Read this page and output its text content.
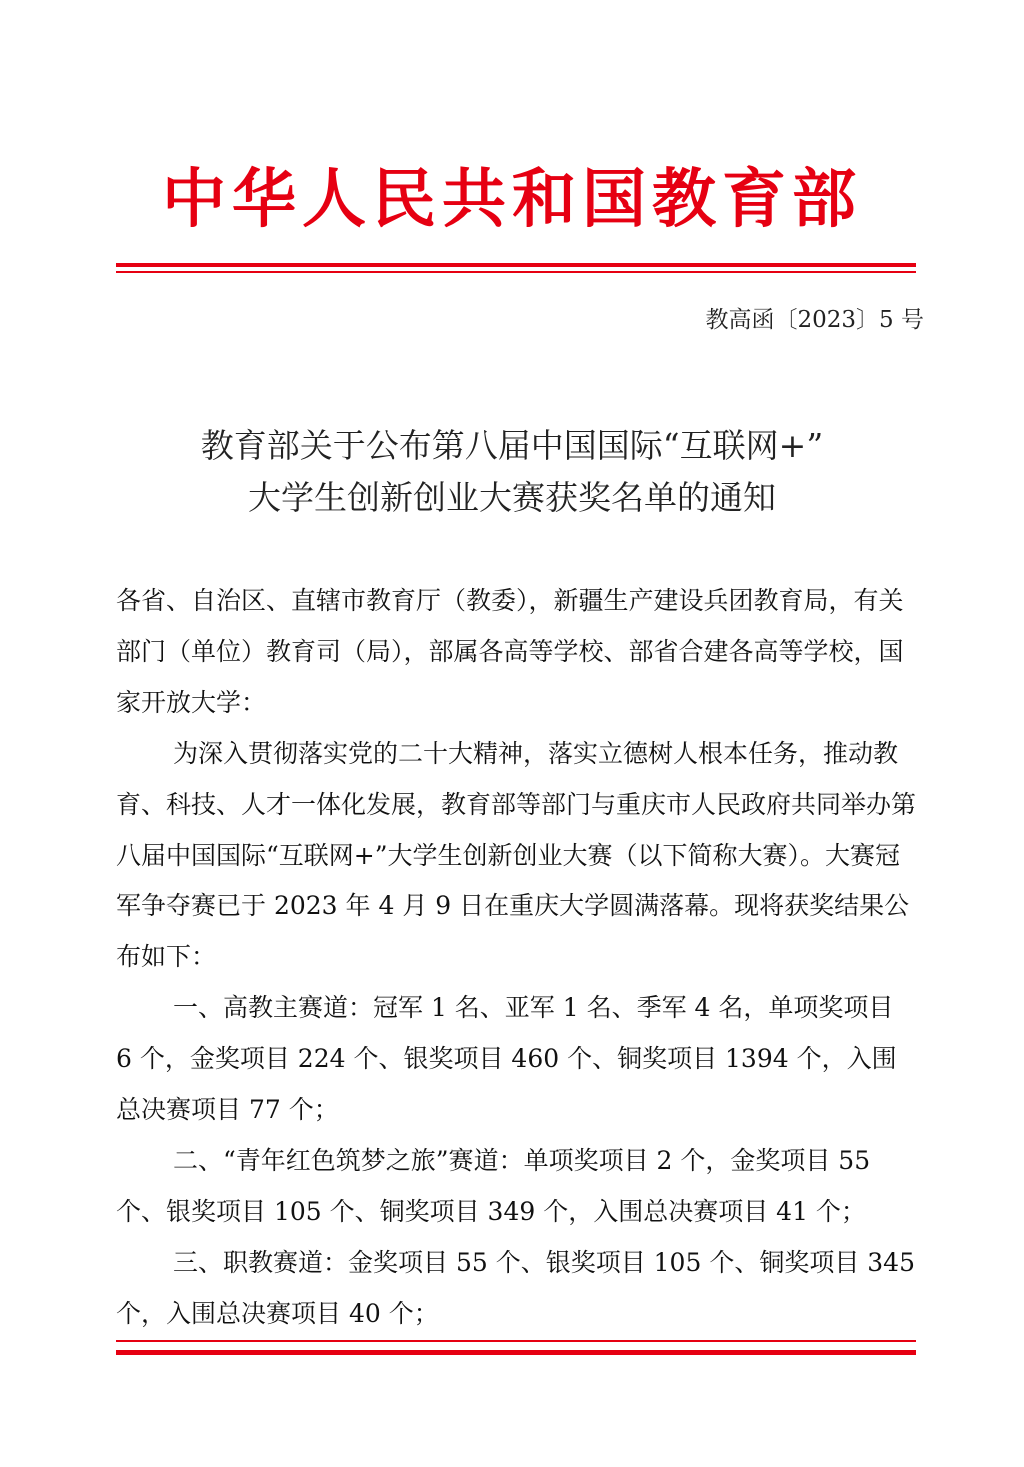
中华人民共和国教育部
教高函〔2023〕5 号
教育部关于公布第八届中国国际“互联网+”
大学生创新创业大赛获奖名单的通知

各省、自治区、直辖市教育厅（教委），新疆生产建设兵团教育局，有关部门（单位）教育司（局），部属各高等学校、部省合建各高等学校，国家开放大学：

为深入贯彻落实党的二十大精神，落实立德树人根本任务，推动教育、科技、人才一体化发展，教育部等部门与重庆市人民政府共同举办第八届中国国际“互联网+”大学生创新创业大赛（以下简称大赛）。大赛冠军争夺赛已于 2023 年 4 月 9 日在重庆大学圆满落幕。现将获奖结果公布如下：

一、高教主赛道：冠军 1 名、亚军 1 名、季军 4 名，单项奖项目 6 个，金奖项目 224 个、银奖项目 460 个、铜奖项目 1394 个，入围总决赛项目 77 个；

二、“青年红色筑梦之旅”赛道：单项奖项目 2 个，金奖项目 55 个、银奖项目 105 个、铜奖项目 349 个，入围总决赛项目 41 个；

三、职教赛道：金奖项目 55 个、银奖项目 105 个、铜奖项目 345 个，入围总决赛项目 40 个；
